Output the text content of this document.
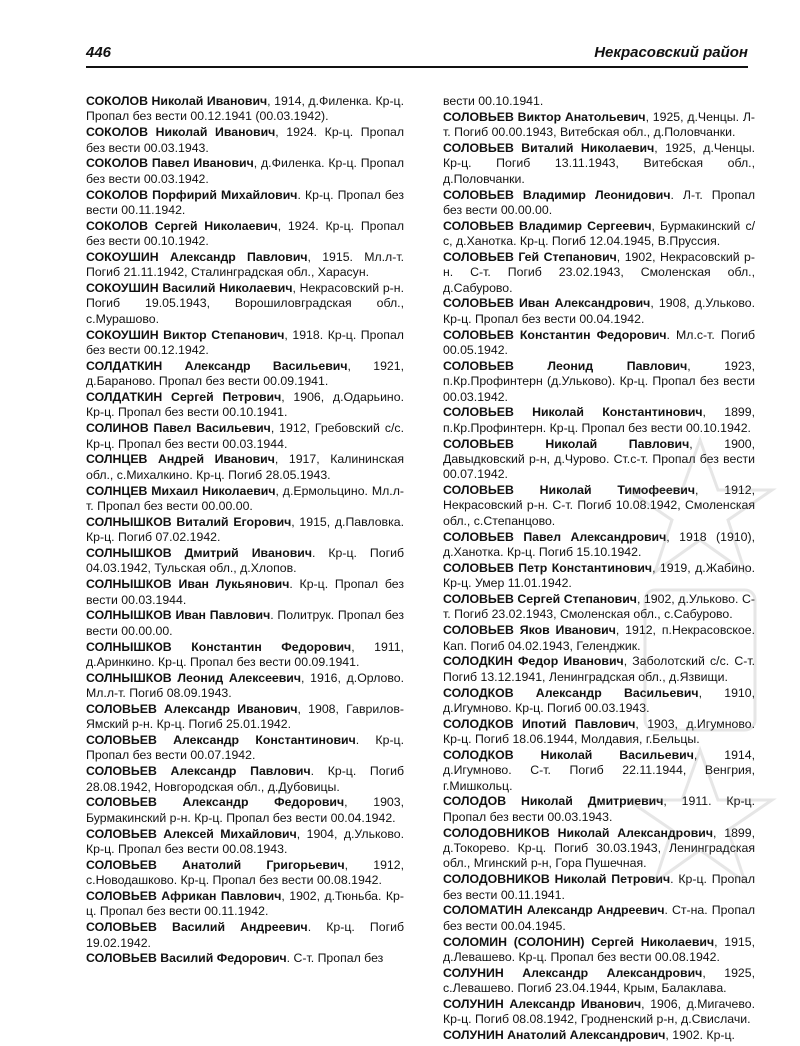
446	Некрасовский район

СОКОЛОВ Николай Иванович, 1914, д.Филенка. Кр-ц. Пропал без вести 00.12.1941 (00.03.1942).

СОКОЛОВ Николай Иванович, 1924. Кр-ц. Пропал без вести 00.03.1943.

СОКОЛОВ Павел Иванович, д.Филенка. Кр-ц. Пропал без вести 00.03.1942.

СОКОЛОВ Порфирий Михайлович. Кр-ц. Пропал без вести 00.11.1942.

СОКОЛОВ Сергей Николаевич, 1924. Кр-ц. Пропал без вести 00.10.1942.

СОКОУШИН Александр Павлович, 1915. Мл.л-т. Погиб 21.11.1942, Сталинградская обл., Харасун.

СОКОУШИН Василий Николаевич, Некрасовский р-н. Погиб 19.05.1943, Ворошиловградская обл., с.Мурашово.

СОКОУШИН Виктор Степанович, 1918. Кр-ц. Пропал без вести 00.12.1942.

СОЛДАТКИН Александр Васильевич, 1921, д.Бараново. Пропал без вести 00.09.1941.

СОЛДАТКИН Сергей Петрович, 1906, д.Одарьино. Кр-ц. Пропал без вести 00.10.1941.

СОЛИНОВ Павел Васильевич, 1912, Гребовский с/с. Кр-ц. Пропал без вести 00.03.1944.

СОЛНЦЕВ Андрей Иванович, 1917, Калининская обл., с.Михалкино. Кр-ц. Погиб 28.05.1943.

СОЛНЦЕВ Михаил Николаевич, д.Ермольцино. Мл.л-т. Пропал без вести 00.00.00.

СОЛНЫШКОВ Виталий Егорович, 1915, д.Павловка. Кр-ц. Погиб 07.02.1942.

СОЛНЫШКОВ Дмитрий Иванович. Кр-ц. Погиб 04.03.1942, Тульская обл., д.Хлопов.

СОЛНЫШКОВ Иван Лукьянович. Кр-ц. Пропал без вести 00.03.1944.

СОЛНЫШКОВ Иван Павлович. Политрук. Пропал без вести 00.00.00.

СОЛНЫШКОВ Константин Федорович, 1911, д.Аринкино. Кр-ц. Пропал без вести 00.09.1941.

СОЛНЫШКОВ Леонид Алексеевич, 1916, д.Орлово. Мл.л-т. Погиб 08.09.1943.

СОЛОВЬЕВ Александр Иванович, 1908, Гаврилов-Ямский р-н. Кр-ц. Погиб 25.01.1942.

СОЛОВЬЕВ Александр Константинович. Кр-ц. Пропал без вести 00.07.1942.

СОЛОВЬЕВ Александр Павлович. Кр-ц. Погиб 28.08.1942, Новгородская обл., д.Дубовицы.

СОЛОВЬЕВ Александр Федорович, 1903, Бурмакинский р-н. Кр-ц. Пропал без вести 00.04.1942.

СОЛОВЬЕВ Алексей Михайлович, 1904, д.Ульково. Кр-ц. Пропал без вести 00.08.1943.

СОЛОВЬЕВ Анатолий Григорьевич, 1912, с.Новодашково. Кр-ц. Пропал без вести 00.08.1942.

СОЛОВЬЕВ Африкан Павлович, 1902, д.Тюньба. Кр-ц. Пропал без вести 00.11.1942.

СОЛОВЬЕВ Василий Андреевич. Кр-ц. Погиб 19.02.1942.

СОЛОВЬЕВ Василий Федорович. С-т. Пропал без

вести 00.10.1941.

СОЛОВЬЕВ Виктор Анатольевич, 1925, д.Ченцы. Л-т. Погиб 00.00.1943, Витебская обл., д.Половчанки.

СОЛОВЬЕВ Виталий Николаевич, 1925, д.Ченцы. Кр-ц. Погиб 13.11.1943, Витебская обл., д.Половчанки.

СОЛОВЬЕВ Владимир Леонидович. Л-т. Пропал без вести 00.00.00.

СОЛОВЬЕВ Владимир Сергеевич, Бурмакинский с/с, д.Ханотка. Кр-ц. Погиб 12.04.1945, В.Пруссия.

СОЛОВЬЕВ Гей Степанович, 1902, Некрасовский р-н. С-т. Погиб 23.02.1943, Смоленская обл., д.Сабурово.

СОЛОВЬЕВ Иван Александрович, 1908, д.Ульково. Кр-ц. Пропал без вести 00.04.1942.

СОЛОВЬЕВ Константин Федорович. Мл.с-т. Погиб 00.05.1942.

СОЛОВЬЕВ Леонид Павлович, 1923, п.Кр.Профинтерн (д.Ульково). Кр-ц. Пропал без вести 00.03.1942.

СОЛОВЬЕВ Николай Константинович, 1899, п.Кр.Профинтерн. Кр-ц. Пропал без вести 00.10.1942.

СОЛОВЬЕВ Николай Павлович, 1900, Давыдковский р-н, д.Чурово. Ст.с-т. Пропал без вести 00.07.1942.

СОЛОВЬЕВ Николай Тимофеевич, 1912, Некрасовский р-н. С-т. Погиб 10.08.1942, Смоленская обл., с.Степанцово.

СОЛОВЬЕВ Павел Александрович, 1918 (1910), д.Ханотка. Кр-ц. Погиб 15.10.1942.

СОЛОВЬЕВ Петр Константинович, 1919, д.Жабино. Кр-ц. Умер 11.01.1942.

СОЛОВЬЕВ Сергей Степанович, 1902, д.Ульково. С-т. Погиб 23.02.1943, Смоленская обл., с.Сабурово.

СОЛОВЬЕВ Яков Иванович, 1912, п.Некрасовское. Кап. Погиб 04.02.1943, Геленджик.

СОЛОДКИН Федор Иванович, Заболотский с/с. С-т. Погиб 13.12.1941, Ленинградская обл., д.Язвищи.

СОЛОДКОВ Александр Васильевич, 1910, д.Игумново. Кр-ц. Погиб 00.03.1943.

СОЛОДКОВ Ипотий Павлович, 1903, д.Игумново. Кр-ц. Погиб 18.06.1944, Молдавия, г.Бельцы.

СОЛОДКОВ Николай Васильевич, 1914, д.Игумново. С-т. Погиб 22.11.1944, Венгрия, г.Мишкольц.

СОЛОДОВ Николай Дмитриевич, 1911. Кр-ц. Пропал без вести 00.03.1943.

СОЛОДОВНИКОВ Николай Александрович, 1899, д.Токорево. Кр-ц. Погиб 30.03.1943, Ленинградская обл., Мгинский р-н, Гора Пушечная.

СОЛОДОВНИКОВ Николай Петрович. Кр-ц. Пропал без вести 00.11.1941.

СОЛОМАТИН Александр Андреевич. Ст-на. Пропал без вести 00.04.1945.

СОЛОМИН (СОЛОНИН) Сергей Николаевич, 1915, д.Левашево. Кр-ц. Пропал без вести 00.08.1942.

СОЛУНИН Александр Александрович, 1925, с.Левашево. Погиб 23.04.1944, Крым, Балаклава.

СОЛУНИН Александр Иванович, 1906, д.Мигачево. Кр-ц. Погиб 08.08.1942, Гродненский р-н, д.Свислачи.

СОЛУНИН Анатолий Александрович, 1902. Кр-ц.
